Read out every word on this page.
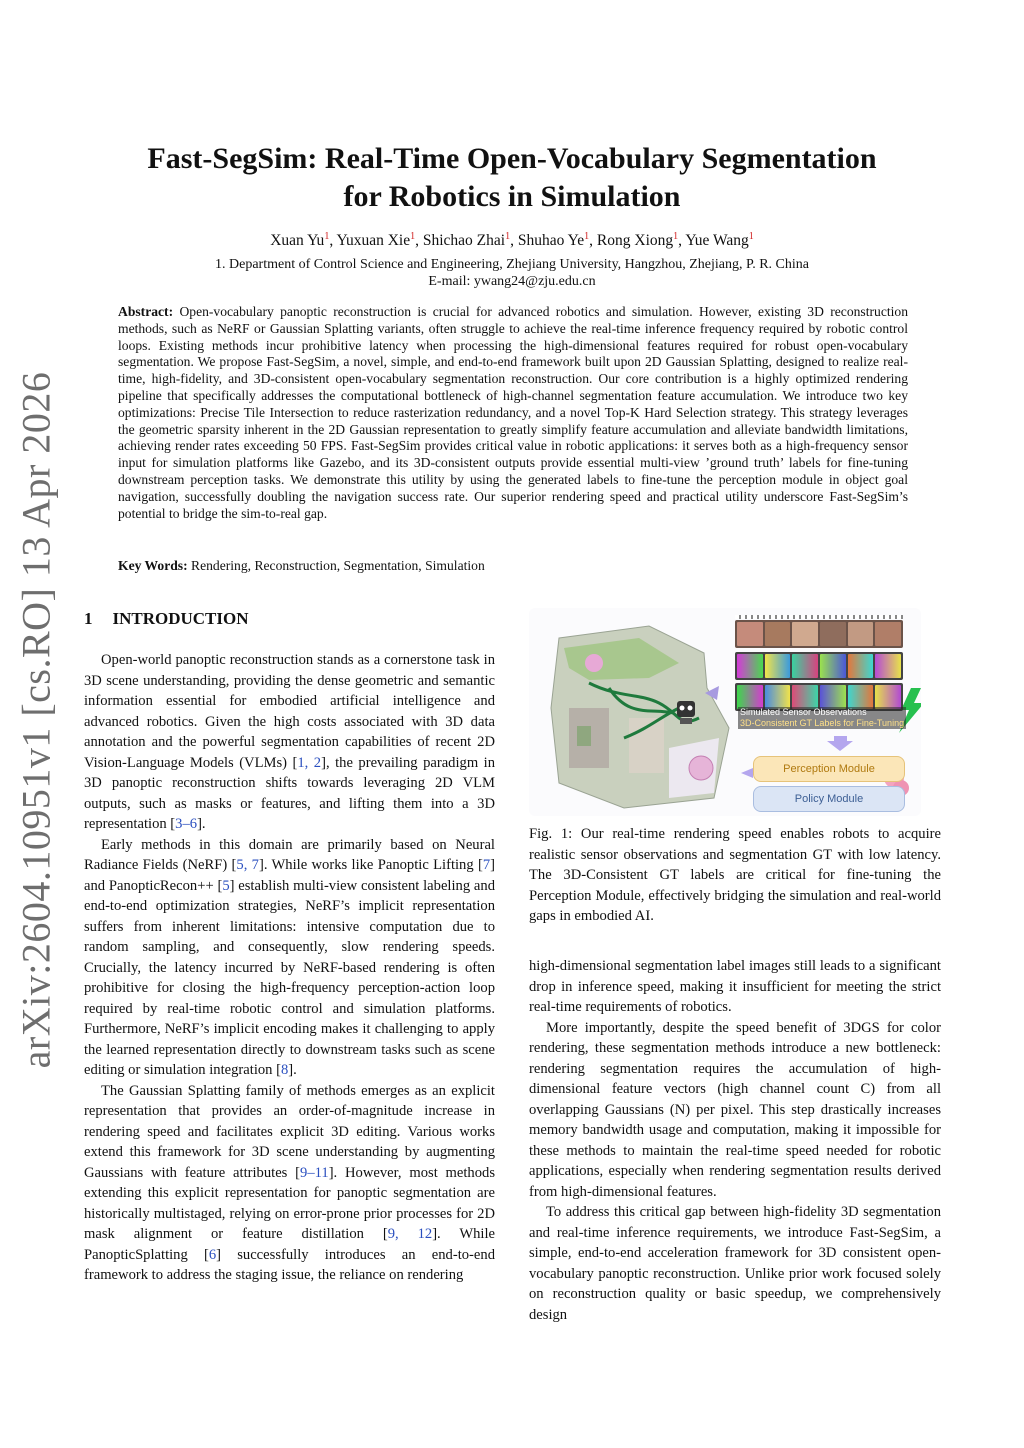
arXiv:2604.10951v1 [cs.RO] 13 Apr 2026
Fast-SegSim: Real-Time Open-Vocabulary Segmentation
for Robotics in Simulation
Xuan Yu$^1$, Yuxuan Xie$^1$, Shichao Zhai$^1$, Shuhao Ye$^1$, Rong Xiong$^1$, Yue Wang$^1$
1. Department of Control Science and Engineering, Zhejiang University, Hangzhou, Zhejiang, P. R. China
E-mail: ywang24@zju.edu.cn
Abstract: Open-vocabulary panoptic reconstruction is crucial for advanced robotics and simulation. However, existing 3D reconstruction methods, such as NeRF or Gaussian Splatting variants, often struggle to achieve the real-time inference frequency required by robotic control loops. Existing methods incur prohibitive latency when processing the high-dimensional features required for robust open-vocabulary segmentation. We propose Fast-SegSim, a novel, simple, and end-to-end framework built upon 2D Gaussian Splatting, designed to realize real-time, high-fidelity, and 3D-consistent open-vocabulary segmentation reconstruction. Our core contribution is a highly optimized rendering pipeline that specifically addresses the computational bottleneck of high-channel segmentation feature accumulation. We introduce two key optimizations: Precise Tile Intersection to reduce rasterization redundancy, and a novel Top-K Hard Selection strategy. This strategy leverages the geometric sparsity inherent in the 2D Gaussian representation to greatly simplify feature accumulation and alleviate bandwidth limitations, achieving render rates exceeding 50 FPS. Fast-SegSim provides critical value in robotic applications: it serves both as a high-frequency sensor input for simulation platforms like Gazebo, and its 3D-consistent outputs provide essential multi-view ’ground truth’ labels for fine-tuning downstream perception tasks. We demonstrate this utility by using the generated labels to fine-tune the perception module in object goal navigation, successfully doubling the navigation success rate. Our superior rendering speed and practical utility underscore Fast-SegSim’s potential to bridge the sim-to-real gap.
Key Words: Rendering, Reconstruction, Segmentation, Simulation
1 INTRODUCTION

Open-world panoptic reconstruction stands as a cornerstone task in 3D scene understanding, providing the dense geometric and semantic information essential for embodied artificial intelligence and advanced robotics. Given the high costs associated with 3D data annotation and the powerful segmentation capabilities of recent 2D Vision-Language Models (VLMs) [1, 2], the prevailing paradigm in 3D panoptic reconstruction shifts towards leveraging 2D VLM outputs, such as masks or features, and lifting them into a 3D representation [3–6].

Early methods in this domain are primarily based on Neural Radiance Fields (NeRF) [5, 7]. While works like Panoptic Lifting [7] and PanopticRecon++ [5] establish multi-view consistent labeling and end-to-end optimization strategies, NeRF’s implicit representation suffers from inherent limitations: intensive computation due to random sampling, and consequently, slow rendering speeds. Crucially, the latency incurred by NeRF-based rendering is often prohibitive for closing the high-frequency perception-action loop required by real-time robotic control and simulation platforms. Furthermore, NeRF’s implicit encoding makes it challenging to apply the learned representation directly to downstream tasks such as scene editing or simulation integration [8].

The Gaussian Splatting family of methods emerges as an explicit representation that provides an order-of-magnitude increase in rendering speed and facilitates explicit 3D editing. Various works extend this framework for 3D scene understanding by augmenting Gaussians with feature attributes [9–11]. However, most methods extending this explicit representation for panoptic segmentation are historically multistaged, relying on error-prone prior processes for 2D mask alignment or feature distillation [9, 12]. While PanopticSplatting [6] successfully introduces an end-to-end framework to address the staging issue, the reliance on rendering

Simulated Sensor Observations
3D-Consistent GT Labels for Fine-Tuning
Perception Module
Policy Module
Fig. 1: Our real-time rendering speed enables robots to acquire realistic sensor observations and segmentation GT with low latency. The 3D-Consistent GT labels are critical for fine-tuning the Perception Module, effectively bridging the simulation and real-world gaps in embodied AI.

high-dimensional segmentation label images still leads to a significant drop in inference speed, making it insufficient for meeting the strict real-time requirements of robotics.

More importantly, despite the speed benefit of 3DGS for color rendering, these segmentation methods introduce a new bottleneck: rendering segmentation requires the accumulation of high-dimensional feature vectors (high channel count C) from all overlapping Gaussians (N) per pixel. This step drastically increases memory bandwidth usage and computation, making it impossible for these methods to maintain the real-time speed needed for robotic applications, especially when rendering segmentation results derived from high-dimensional features.

To address this critical gap between high-fidelity 3D segmentation and real-time inference requirements, we introduce Fast-SegSim, a simple, end-to-end acceleration framework for 3D consistent open-vocabulary panoptic reconstruction. Unlike prior work focused solely on reconstruction quality or basic speedup, we comprehensively design
